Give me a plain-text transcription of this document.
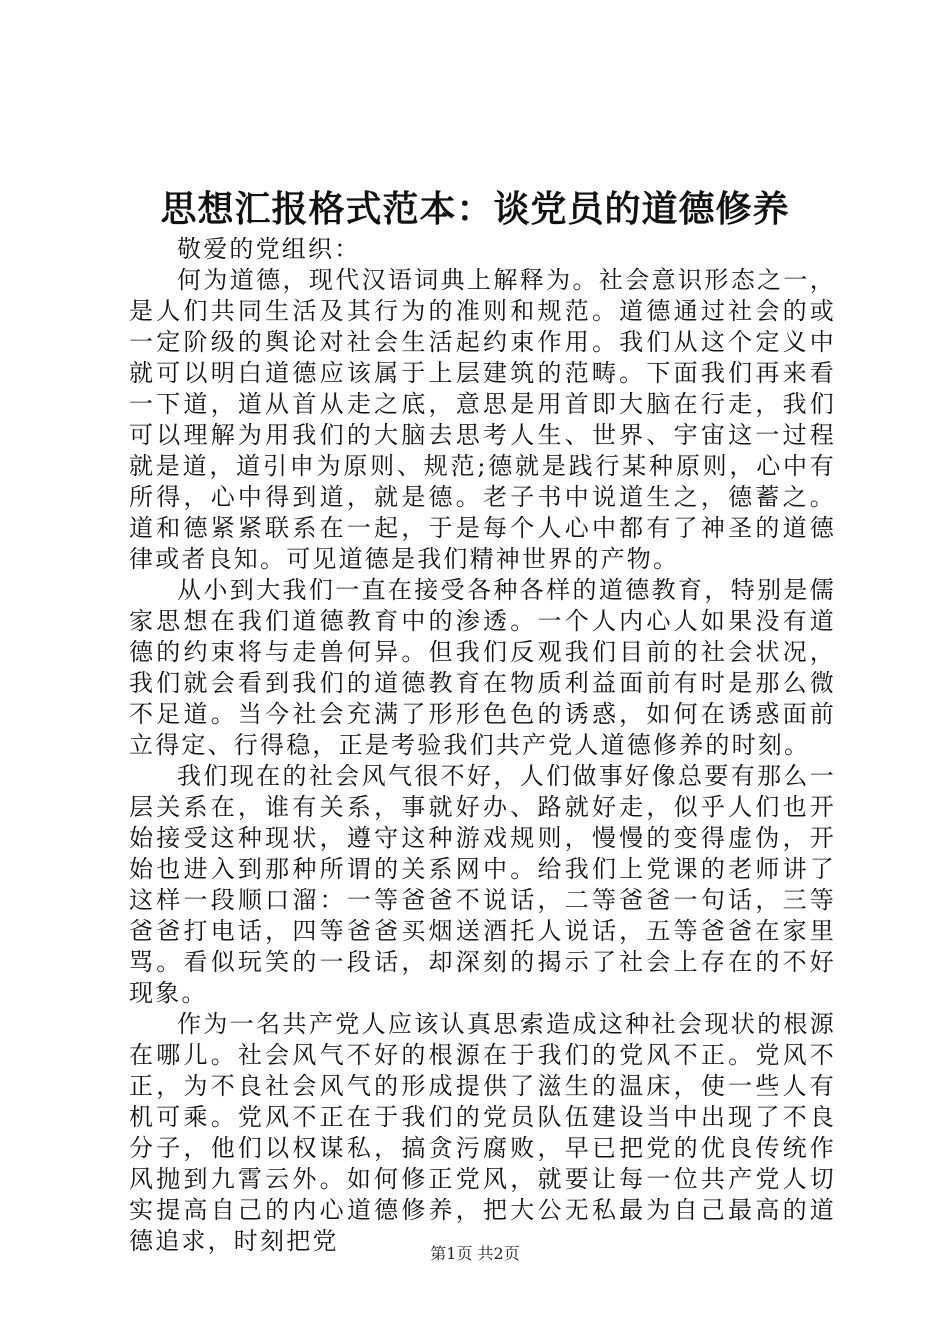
思想汇报格式范本：谈党员的道德修养

敬爱的党组织：

何为道德，现代汉语词典上解释为。社会意识形态之一，是人们共同生活及其行为的准则和规范。道德通过社会的或一定阶级的舆论对社会生活起约束作用。我们从这个定义中就可以明白道德应该属于上层建筑的范畴。下面我们再来看一下道，道从首从走之底，意思是用首即大脑在行走，我们可以理解为用我们的大脑去思考人生、世界、宇宙这一过程就是道，道引申为原则、规范;德就是践行某种原则，心中有所得，心中得到道，就是德。老子书中说道生之，德蓄之。道和德紧紧联系在一起，于是每个人心中都有了神圣的道德律或者良知。可见道德是我们精神世界的产物。

从小到大我们一直在接受各种各样的道德教育，特别是儒家思想在我们道德教育中的渗透。一个人内心人如果没有道德的约束将与走兽何异。但我们反观我们目前的社会状况，我们就会看到我们的道德教育在物质利益面前有时是那么微不足道。当今社会充满了形形色色的诱惑，如何在诱惑面前立得定、行得稳，正是考验我们共产党人道德修养的时刻。

我们现在的社会风气很不好，人们做事好像总要有那么一层关系在，谁有关系，事就好办、路就好走，似乎人们也开始接受这种现状，遵守这种游戏规则，慢慢的变得虚伪，开始也进入到那种所谓的关系网中。给我们上党课的老师讲了这样一段顺口溜：一等爸爸不说话，二等爸爸一句话，三等爸爸打电话，四等爸爸买烟送酒托人说话，五等爸爸在家里骂。看似玩笑的一段话，却深刻的揭示了社会上存在的不好现象。

作为一名共产党人应该认真思索造成这种社会现状的根源在哪儿。社会风气不好的根源在于我们的党风不正。党风不正，为不良社会风气的形成提供了滋生的温床，使一些人有机可乘。党风不正在于我们的党员队伍建设当中出现了不良分子，他们以权谋私，搞贪污腐败，早已把党的优良传统作风抛到九霄云外。如何修正党风，就要让每一位共产党人切实提高自己的内心道德修养，把大公无私最为自己最高的道德追求，时刻把党	第1页 共2页
